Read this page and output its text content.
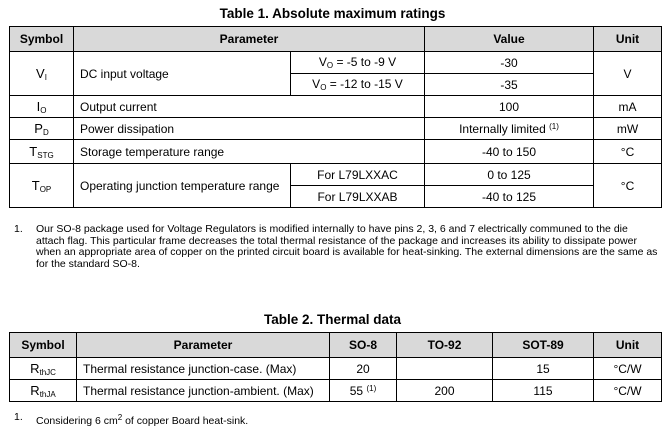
Table 1. Absolute maximum ratings
Symbol	Parameter		Value	Unit
$V_I$	DC input voltage	$V_O = -5$ to -9 V	-30	V
		$V_O = -12$ to -15 V	-35	
$I_O$	Output current		100	mA
$P_D$	Power dissipation		Internally limited $^{(1)}$	mW
$T_{STG}$	Storage temperature range		-40 to 150	°C
$T_{OP}$	Operating junction temperature range	For L79LXXAC	0 to 125	°C
		For L79LXXAB	-40 to 125	
1. Our SO-8 package used for Voltage Regulators is modified internally to have pins 2, 3, 6 and 7 electrically communed to the die attach flag. This particular frame decreases the total thermal resistance of the package and increases its ability to dissipate power when an appropriate area of copper on the printed circuit board is available for heat-sinking. The external dimensions are the same as for the standard SO-8.
Table 2. Thermal data
Symbol	Parameter	SO-8	TO-92	SOT-89	Unit
$R_{thJC}$	Thermal resistance junction-case. (Max)	20		15	°C/W
$R_{thJA}$	Thermal resistance junction-ambient. (Max)	55 $^{(1)}$	200	115	°C/W
1. Considering 6 $cm^2$ of copper Board heat-sink.
